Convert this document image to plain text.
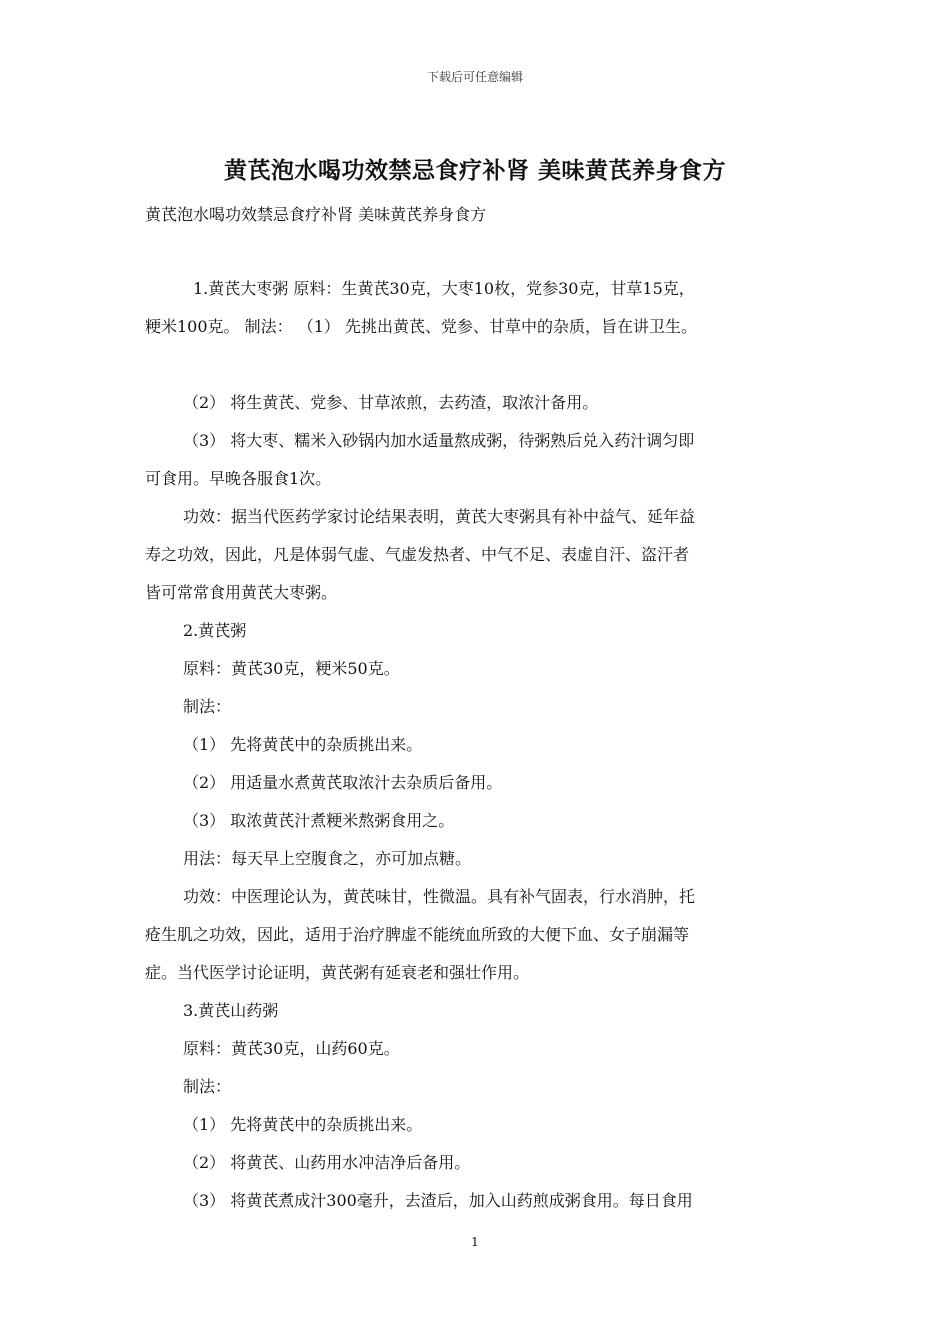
下载后可任意编辑
黄芪泡水喝功效禁忌食疗补肾 美味黄芪养身食方
黄芪泡水喝功效禁忌食疗补肾 美味黄芪养身食方

1.黄芪大枣粥 原料：生黄芪30克，大枣10枚，党参30克，甘草15克，

粳米100克。 制法： （1） 先挑出黄芪、党参、甘草中的杂质，旨在讲卫生。

（2） 将生黄芪、党参、甘草浓煎，去药渣，取浓汁备用。

（3） 将大枣、糯米入砂锅内加水适量熬成粥，待粥熟后兑入药汁调匀即

可食用。早晚各服食1次。

功效：据当代医药学家讨论结果表明，黄芪大枣粥具有补中益气、延年益

寿之功效，因此，凡是体弱气虚、气虚发热者、中气不足、表虚自汗、盗汗者

皆可常常食用黄芪大枣粥。

2.黄芪粥

原料：黄芪30克，粳米50克。

制法：

（1） 先将黄芪中的杂质挑出来。

（2） 用适量水煮黄芪取浓汁去杂质后备用。

（3） 取浓黄芪汁煮粳米熬粥食用之。

用法：每天早上空腹食之，亦可加点糖。

功效：中医理论认为，黄芪味甘，性微温。具有补气固表，行水消肿，托

疮生肌之功效，因此，适用于治疗脾虚不能统血所致的大便下血、女子崩漏等

症。当代医学讨论证明，黄芪粥有延衰老和强壮作用。

3.黄芪山药粥

原料：黄芪30克，山药60克。

制法：

（1） 先将黄芪中的杂质挑出来。

（2） 将黄芪、山药用水冲洁净后备用。

（3） 将黄芪煮成汁300毫升，去渣后，加入山药煎成粥食用。每日食用

1
